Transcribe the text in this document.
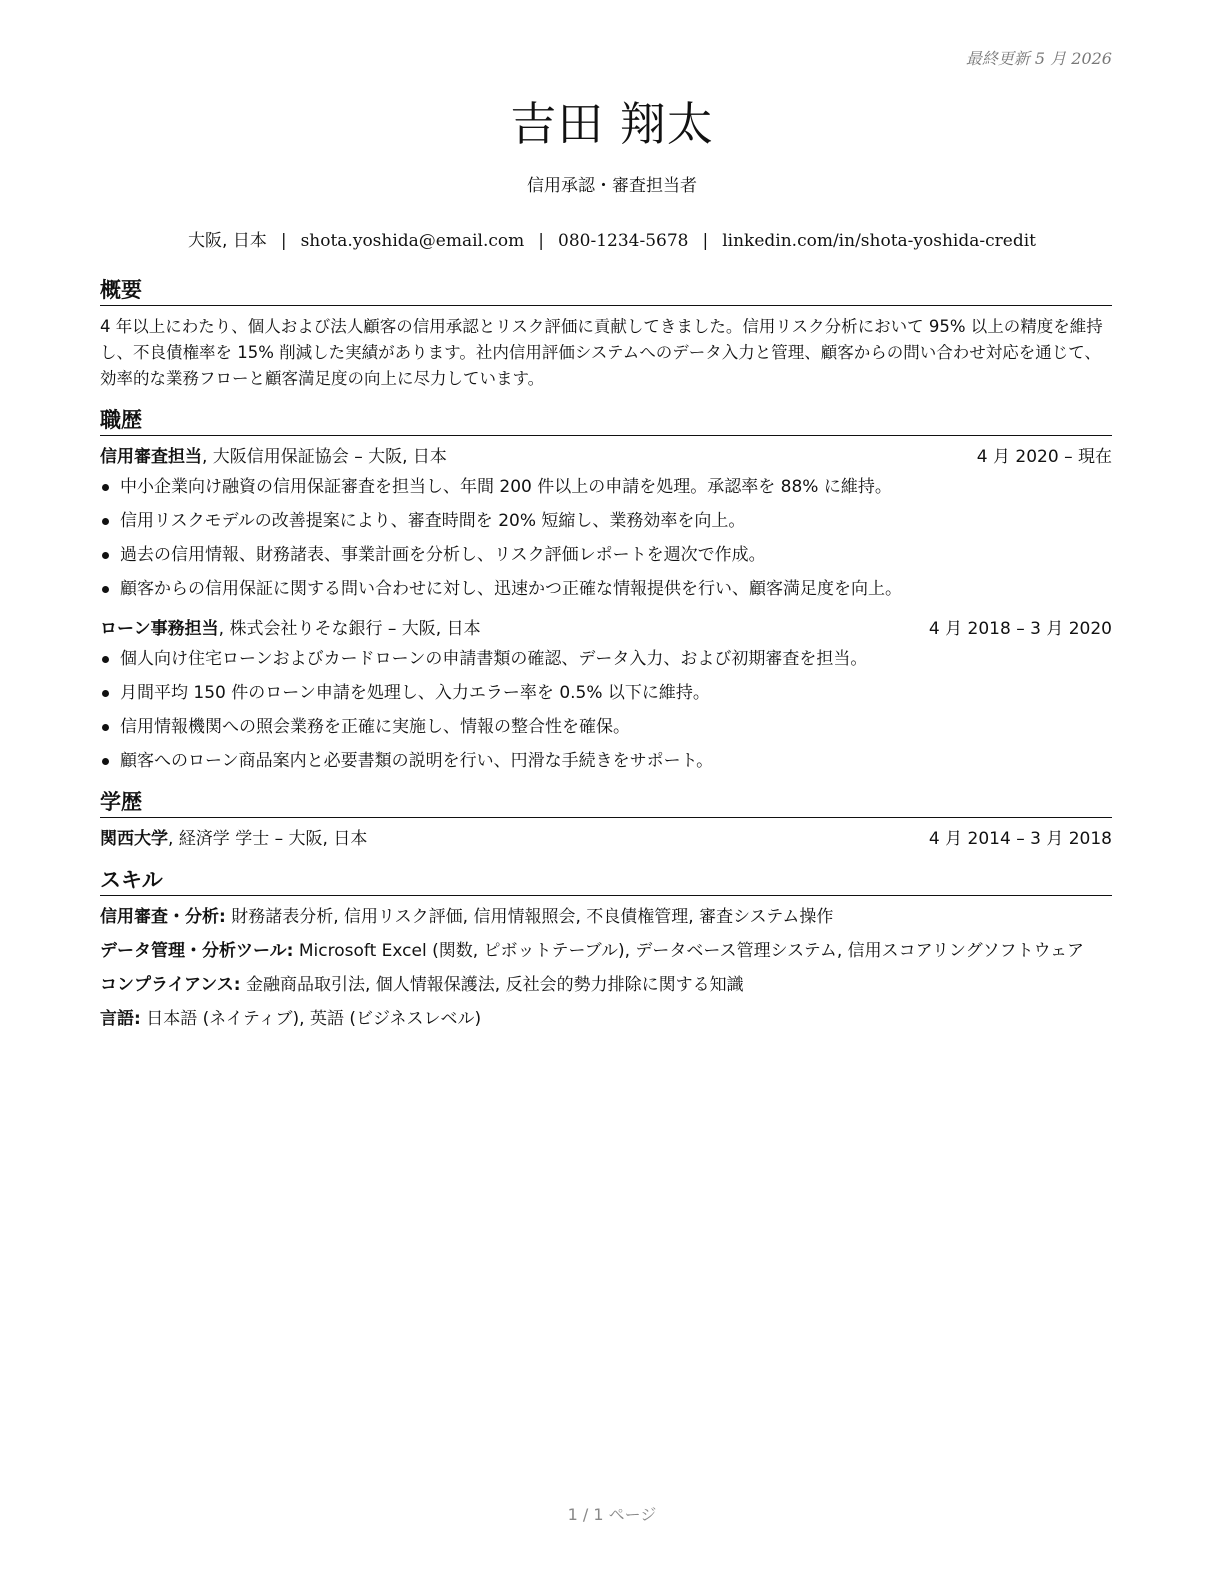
最終更新 5 月 2026
吉田 翔太
信用承認・審査担当者
大阪, 日本 | shota.yoshida@email.com | 080-1234-5678 | linkedin.com/in/shota-yoshida-credit
概要
4 年以上にわたり、個人および法人顧客の信用承認とリスク評価に貢献してきました。信用リスク分析において 95% 以上の精度を維持し、不良債権率を 15% 削減した実績があります。社内信用評価システムへのデータ入力と管理、顧客からの問い合わせ対応を通じて、効率的な業務フローと顧客満足度の向上に尽力しています。
職歴
信用審査担当, 大阪信用保証協会 – 大阪, 日本	4 月 2020 – 現在
中小企業向け融資の信用保証審査を担当し、年間 200 件以上の申請を処理。承認率を 88% に維持。
信用リスクモデルの改善提案により、審査時間を 20% 短縮し、業務効率を向上。
過去の信用情報、財務諸表、事業計画を分析し、リスク評価レポートを週次で作成。
顧客からの信用保証に関する問い合わせに対し、迅速かつ正確な情報提供を行い、顧客満足度を向上。
ローン事務担当, 株式会社りそな銀行 – 大阪, 日本	4 月 2018 – 3 月 2020
個人向け住宅ローンおよびカードローンの申請書類の確認、データ入力、および初期審査を担当。
月間平均 150 件のローン申請を処理し、入力エラー率を 0.5% 以下に維持。
信用情報機関への照会業務を正確に実施し、情報の整合性を確保。
顧客へのローン商品案内と必要書類の説明を行い、円滑な手続きをサポート。
学歴
関西大学, 経済学 学士 – 大阪, 日本	4 月 2014 – 3 月 2018
スキル
信用審査・分析: 財務諸表分析, 信用リスク評価, 信用情報照会, 不良債権管理, 審査システム操作
データ管理・分析ツール: Microsoft Excel (関数, ピボットテーブル), データベース管理システム, 信用スコアリングソフトウェア
コンプライアンス: 金融商品取引法, 個人情報保護法, 反社会的勢力排除に関する知識
言語: 日本語 (ネイティブ), 英語 (ビジネスレベル)
1 / 1 ページ
